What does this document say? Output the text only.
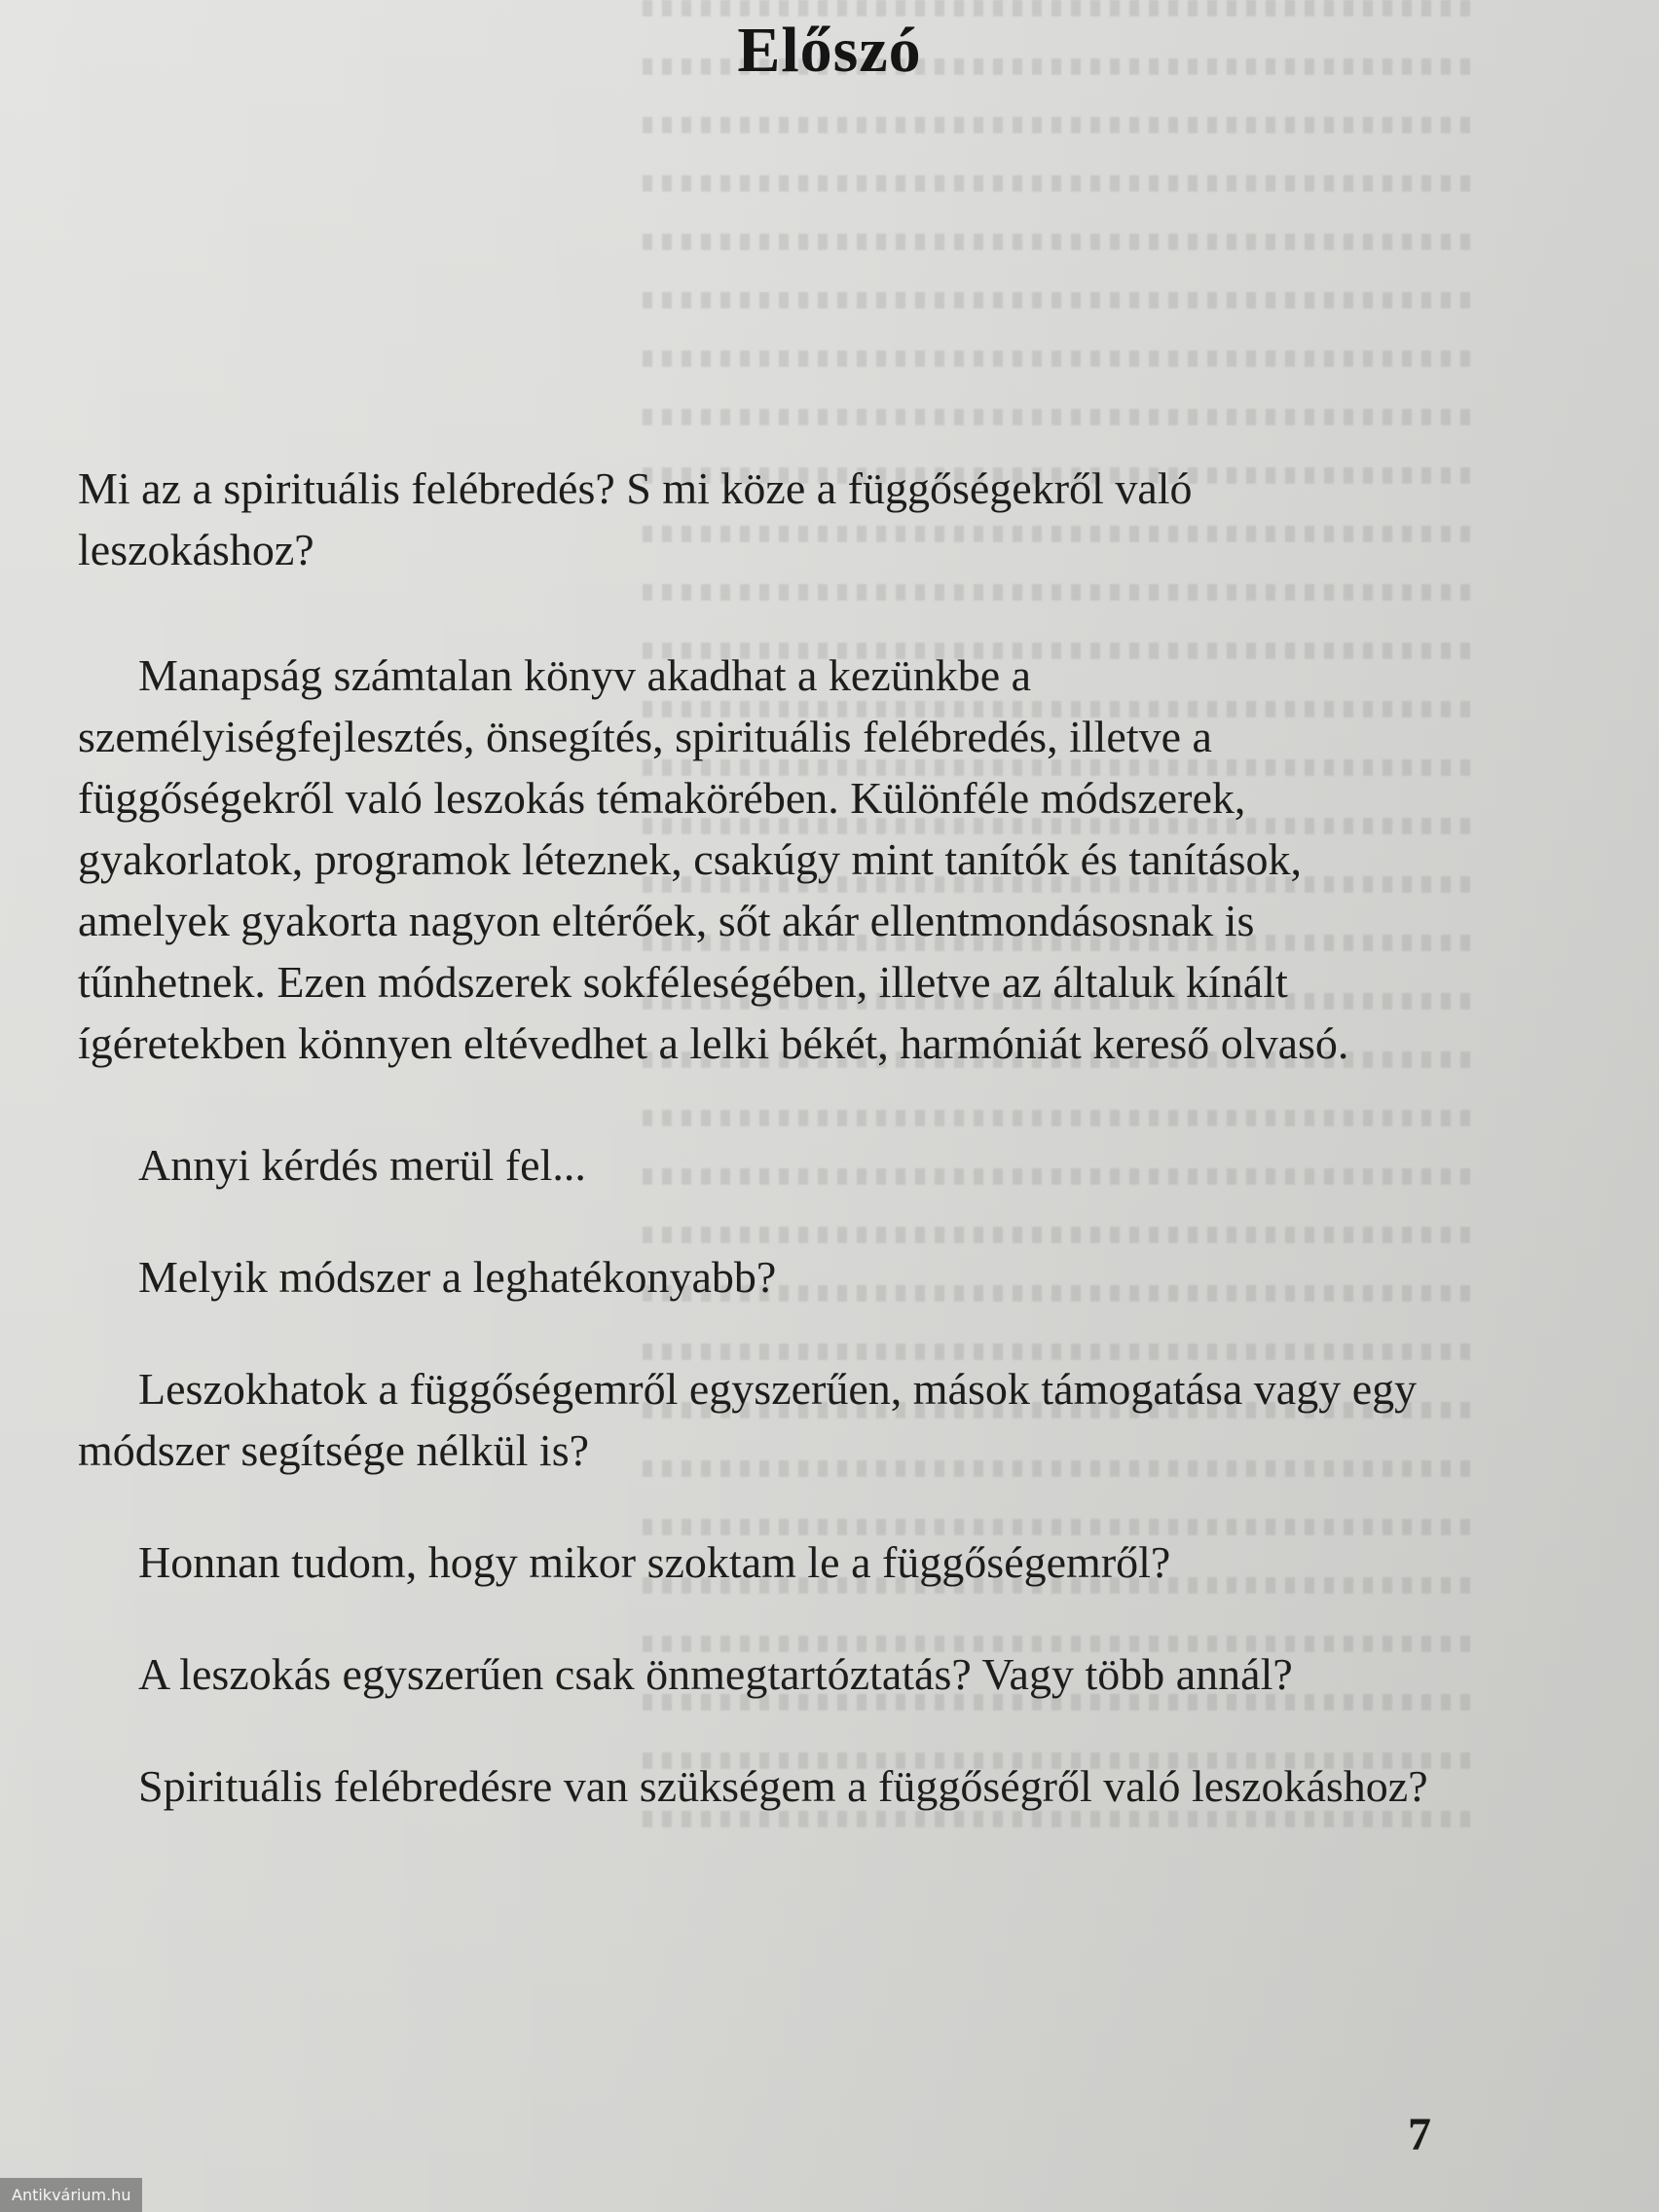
Előszó

Mi az a spirituális felébredés? S mi köze a függőségekről való leszokáshoz?

Manapság számtalan könyv akadhat a kezünkbe a személyiségfejlesztés, önsegítés, spirituális felébredés, illetve a függőségekről való leszokás témakörében. Különféle módszerek, gyakorlatok, programok léteznek, csakúgy mint tanítók és tanítások, amelyek gyakorta nagyon eltérőek, sőt akár ellentmondásosnak is tűnhetnek. Ezen módszerek sokféleségében, illetve az általuk kínált ígéretekben könnyen eltévedhet a lelki békét, harmóniát kereső olvasó.

Annyi kérdés merül fel...

Melyik módszer a leghatékonyabb?

Leszokhatok a függőségemről egyszerűen, mások támogatása vagy egy módszer segítsége nélkül is?

Honnan tudom, hogy mikor szoktam le a függőségemről?

A leszokás egyszerűen csak önmegtartóztatás? Vagy több annál?

Spirituális felébredésre van szükségem a függőségről való leszokáshoz?

7
Antikvárium.hu
